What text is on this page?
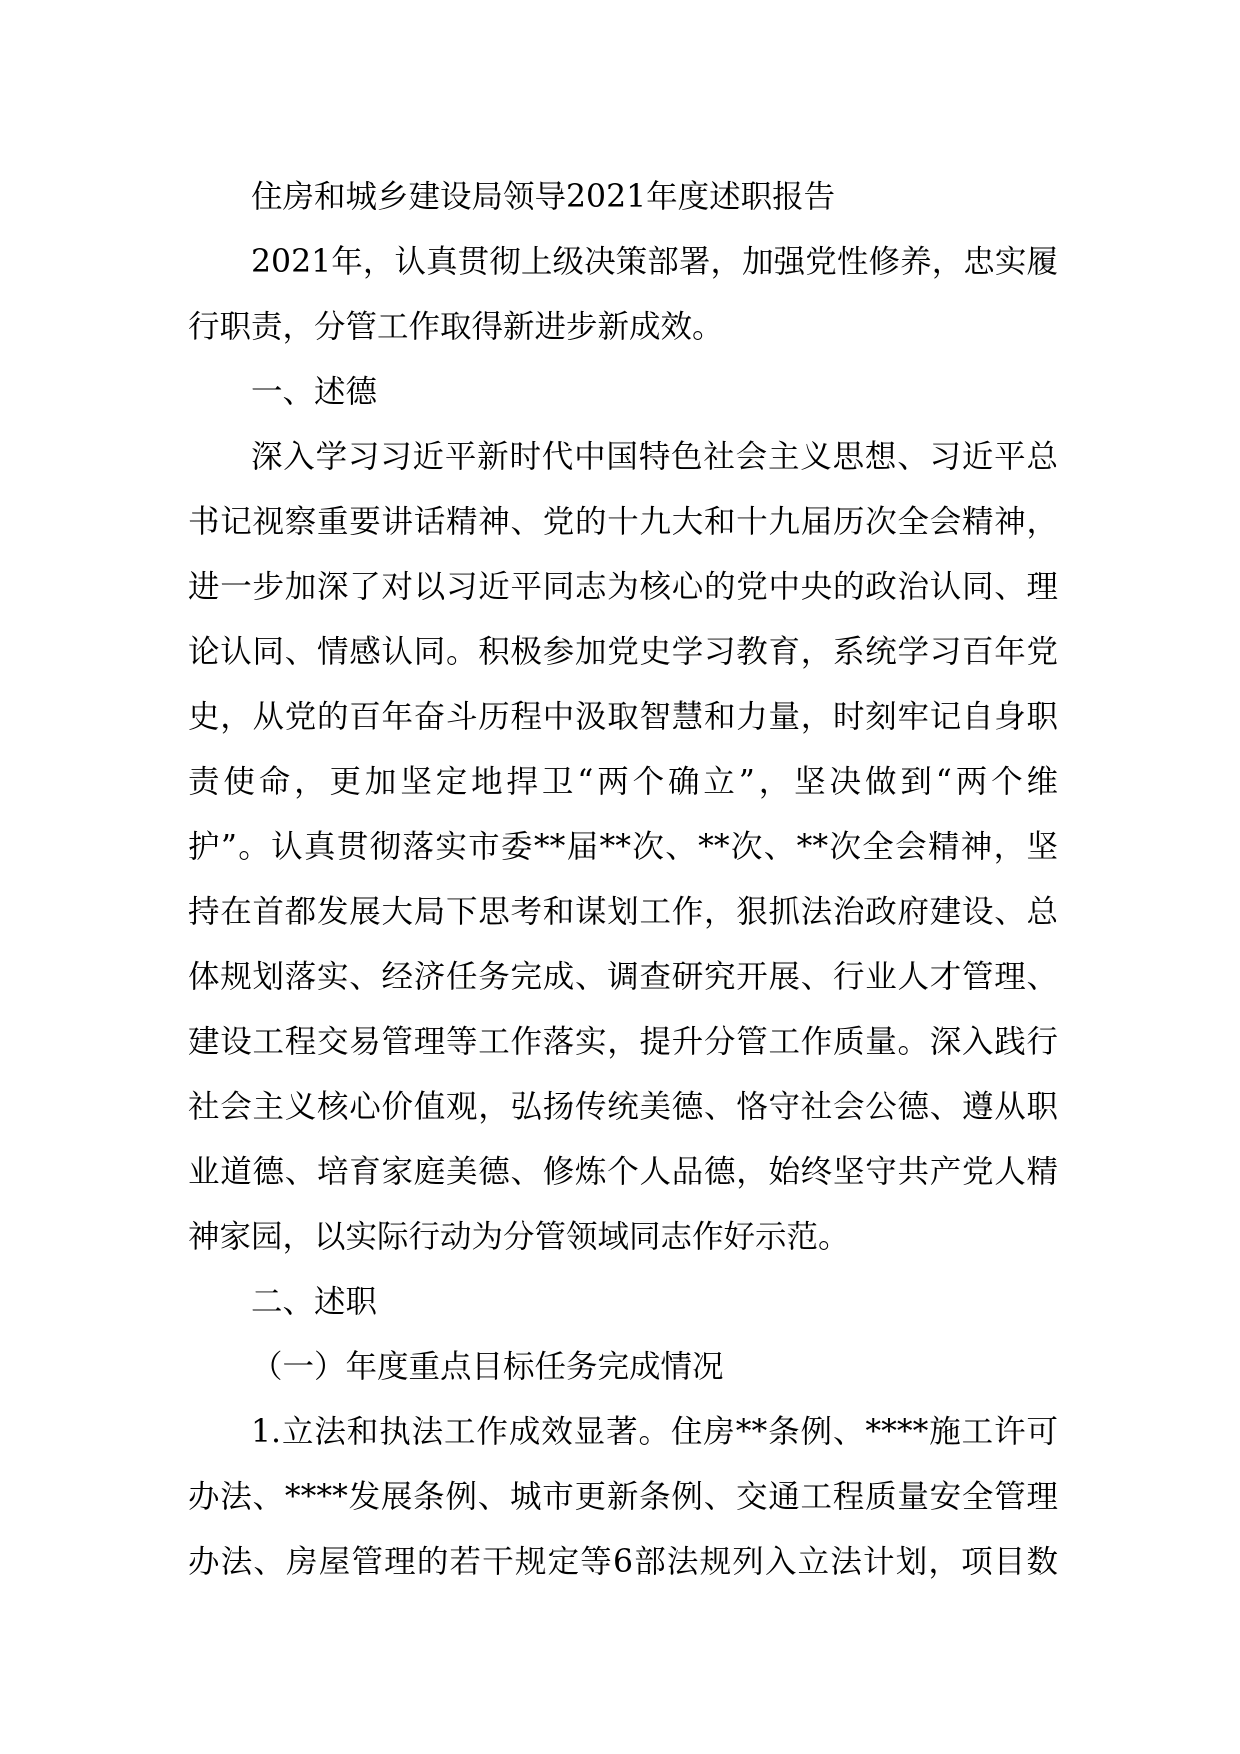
住房和城乡建设局领导2021年度述职报告
2021年，认真贯彻上级决策部署，加强党性修养，忠实履
行职责，分管工作取得新进步新成效。
一、述德
深入学习习近平新时代中国特色社会主义思想、习近平总
书记视察重要讲话精神、党的十九大和十九届历次全会精神，
进一步加深了对以习近平同志为核心的党中央的政治认同、理
论认同、情感认同。积极参加党史学习教育，系统学习百年党
史，从党的百年奋斗历程中汲取智慧和力量，时刻牢记自身职
责使命，更加坚定地捍卫“两个确立”，坚决做到“两个维
护”。认真贯彻落实市委**届**次、**次、**次全会精神，坚
持在首都发展大局下思考和谋划工作，狠抓法治政府建设、总
体规划落实、经济任务完成、调查研究开展、行业人才管理、
建设工程交易管理等工作落实，提升分管工作质量。深入践行
社会主义核心价值观，弘扬传统美德、恪守社会公德、遵从职
业道德、培育家庭美德、修炼个人品德，始终坚守共产党人精
神家园，以实际行动为分管领域同志作好示范。
二、述职
（一）年度重点目标任务完成情况
1.立法和执法工作成效显著。住房**条例、****施工许可
办法、****发展条例、城市更新条例、交通工程质量安全管理
办法、房屋管理的若干规定等6部法规列入立法计划，项目数
